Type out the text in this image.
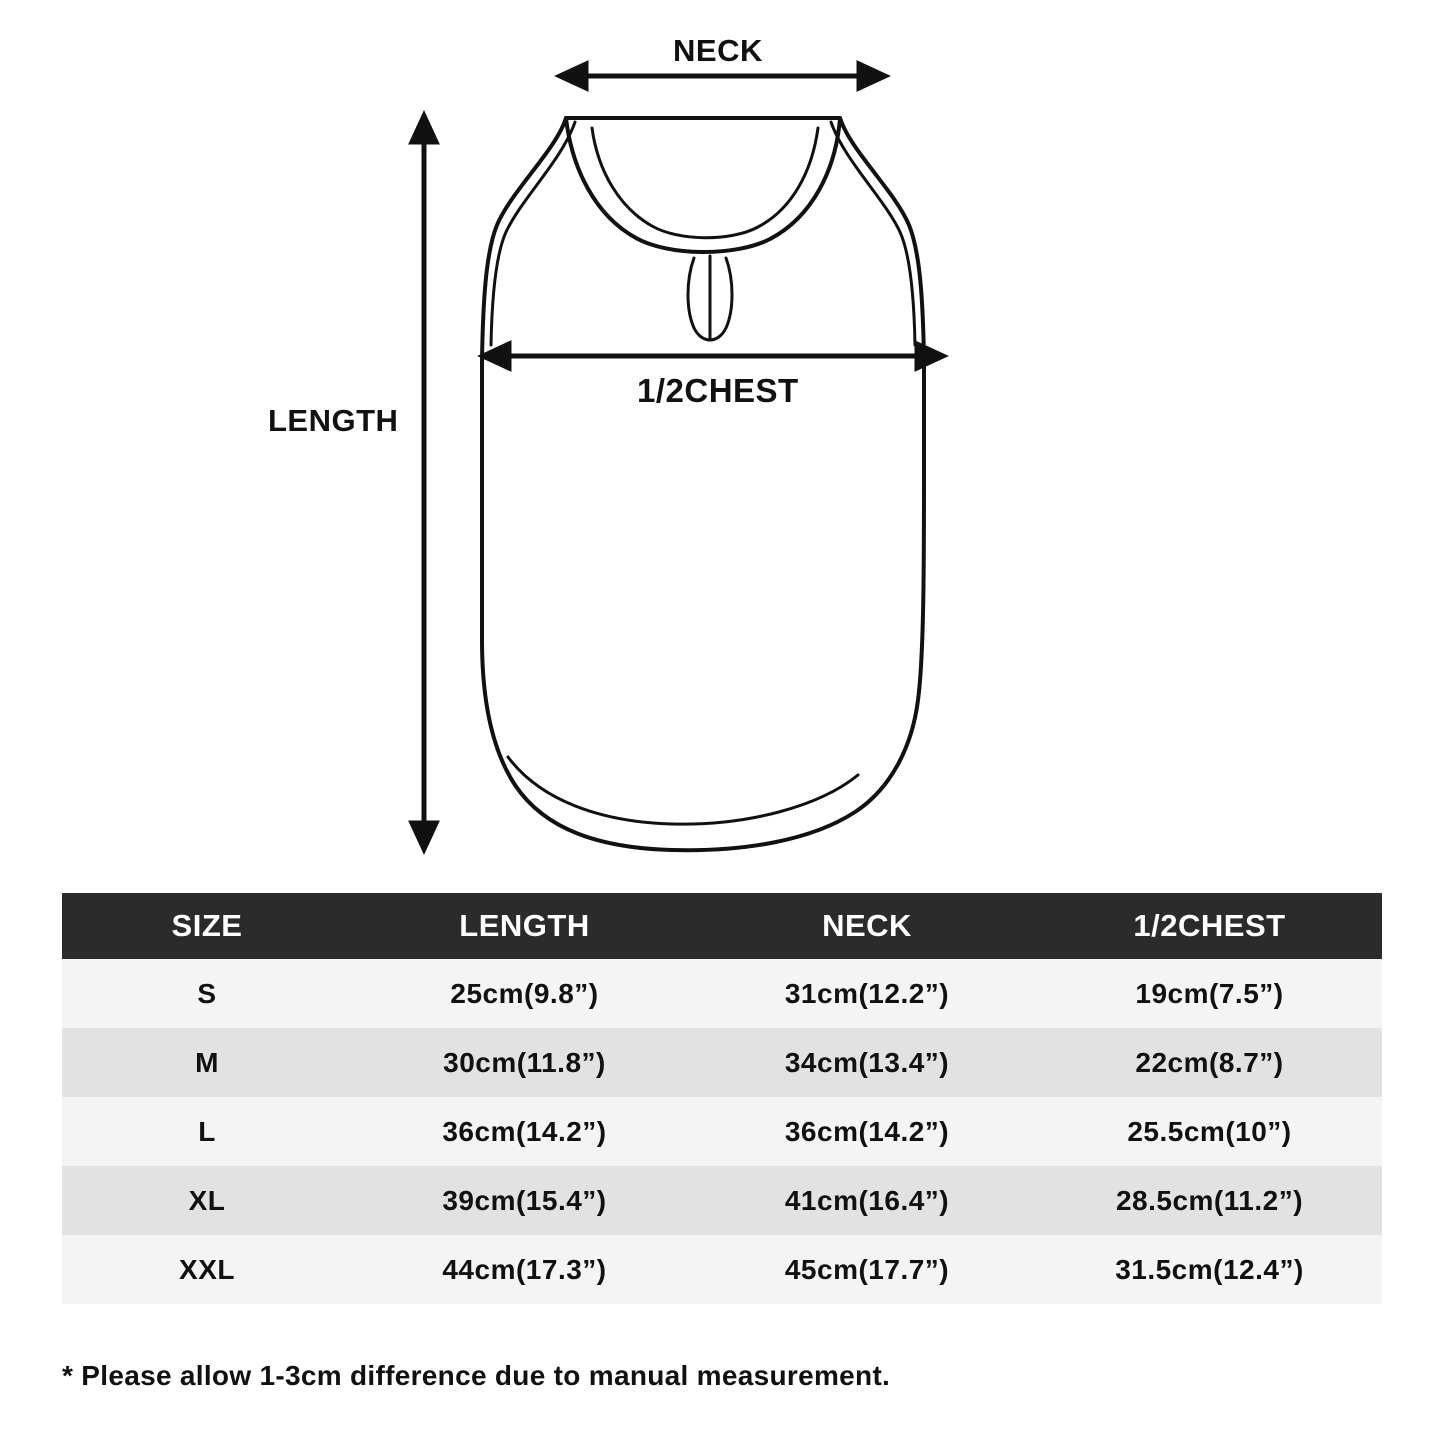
NECK
LENGTH
1/2CHEST
SIZE	LENGTH	NECK	1/2CHEST
S	25cm(9.8”)	31cm(12.2”)	19cm(7.5”)
M	30cm(11.8”)	34cm(13.4”)	22cm(8.7”)
L	36cm(14.2”)	36cm(14.2”)	25.5cm(10”)
XL	39cm(15.4”)	41cm(16.4”)	28.5cm(11.2”)
XXL	44cm(17.3”)	45cm(17.7”)	31.5cm(12.4”)
* Please allow 1-3cm difference due to manual measurement.
